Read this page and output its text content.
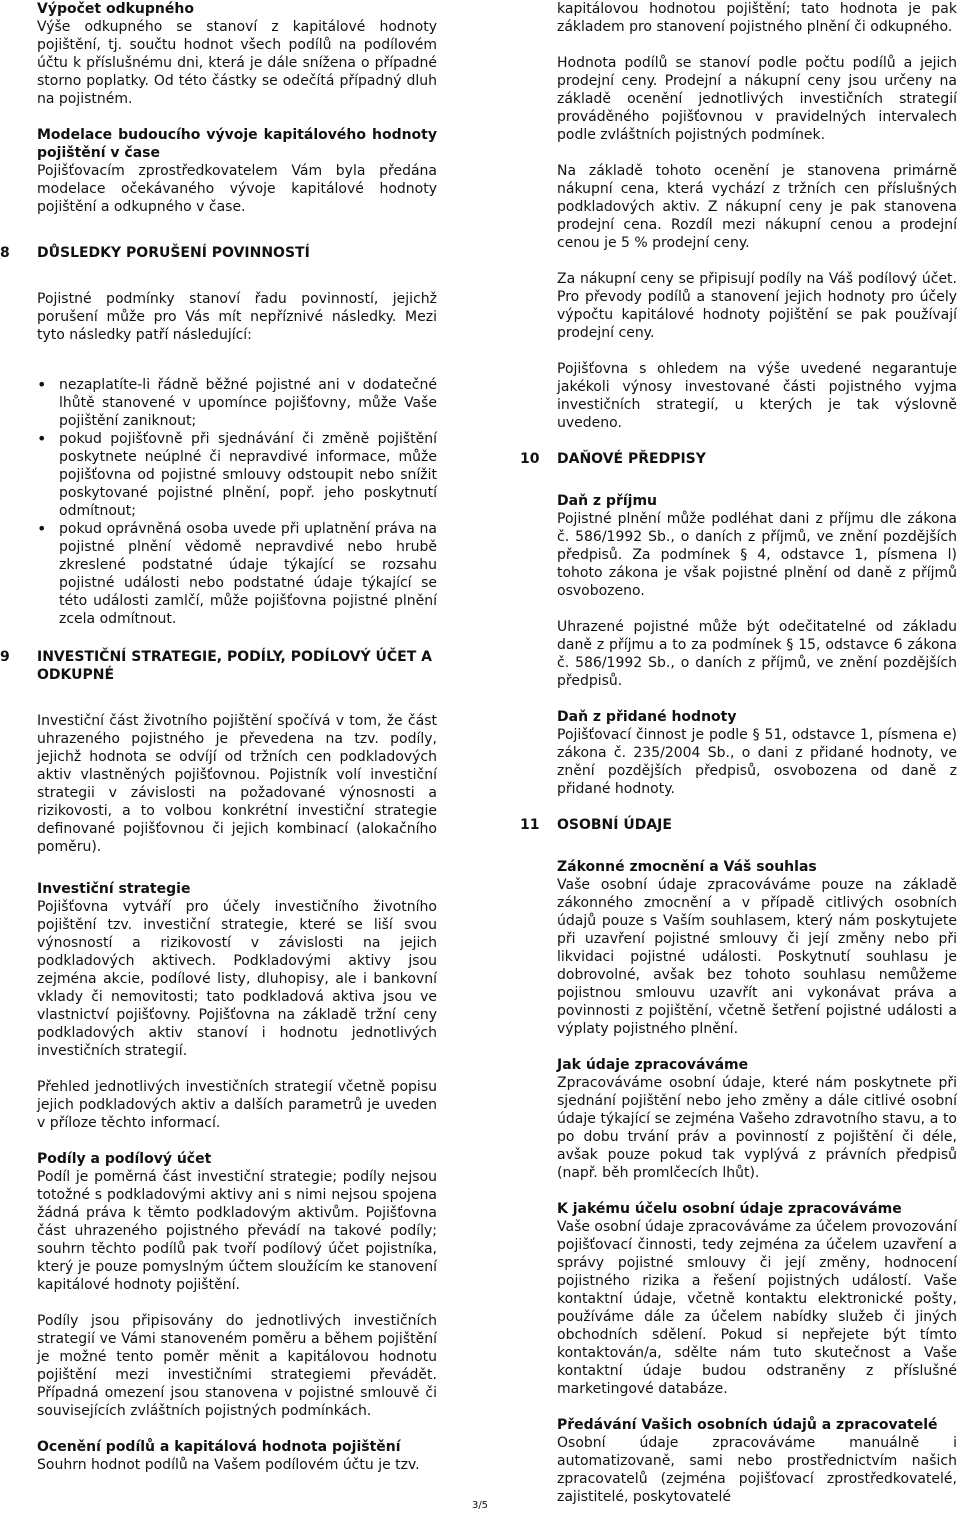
Výpočet odkupného

Výše odkupného se stanoví z kapitálové hodnoty pojištění, tj. součtu hodnot všech podílů na podílovém účtu k příslušnému dni, která je dále snížena o případné storno poplatky. Od této částky se odečítá případný dluh na pojistném.

Modelace budoucího vývoje kapitálového hodnoty pojištění v čase

Pojišťovacím zprostředkovatelem Vám byla předána modelace očekávaného vývoje kapitálové hodnoty pojištění a odkupného v čase.

8	DŮSLEDKY PORUŠENÍ POVINNOSTÍ

Pojistné podmínky stanoví řadu povinností, jejichž porušení může pro Vás mít nepříznivé následky. Mezi tyto následky patří následující:

• nezaplatíte-li řádně běžné pojistné ani v dodatečné lhůtě stanovené v upomínce pojišťovny, může Vaše pojištění zaniknout;
• pokud pojišťovně při sjednávání či změně pojištění poskytnete neúplné či nepravdivé informace, může pojišťovna od pojistné smlouvy odstoupit nebo snížit poskytované pojistné plnění, popř. jeho poskytnutí odmítnout;
• pokud oprávněná osoba uvede při uplatnění práva na pojistné plnění vědomě nepravdivé nebo hrubě zkreslené podstatné údaje týkající se rozsahu pojistné události nebo podstatné údaje týkající se této události zamlčí, může pojišťovna pojistné plnění zcela odmítnout.
9	INVESTIČNÍ STRATEGIE, PODÍLY, PODÍLOVÝ ÚČET A ODKUPNÉ

Investiční část životního pojištění spočívá v tom, že část uhrazeného pojistného je převedena na tzv. podíly, jejichž hodnota se odvíjí od tržních cen podkladových aktiv vlastněných pojišťovnou. Pojistník volí investiční strategii v závislosti na požadované výnosnosti a rizikovosti, a to volbou konkrétní investiční strategie definované pojišťovnou či jejich kombinací (alokačního poměru).

Investiční strategie

Pojišťovna vytváří pro účely investičního životního pojištění tzv. investiční strategie, které se liší svou výnosností a rizikovostí v závislosti na jejich podkladových aktivech. Podkladovými aktivy jsou zejména akcie, podílové listy, dluhopisy, ale i bankovní vklady či nemovitosti; tato podkladová aktiva jsou ve vlastnictví pojišťovny. Pojišťovna na základě tržní ceny podkladových aktiv stanoví i hodnotu jednotlivých investičních strategií.

Přehled jednotlivých investičních strategií včetně popisu jejich podkladových aktiv a dalších parametrů je uveden v příloze těchto informací.

Podíly a podílový účet

Podíl je poměrná část investiční strategie; podíly nejsou totožné s podkladovými aktivy ani s nimi nejsou spojena žádná práva k těmto podkladovým aktivům. Pojišťovna část uhrazeného pojistného převádí na takové podíly; souhrn těchto podílů pak tvoří podílový účet pojistníka, který je pouze pomyslným účtem sloužícím ke stanovení kapitálové hodnoty pojištění.

Podíly jsou připisovány do jednotlivých investičních strategií ve Vámi stanoveném poměru a během pojištění je možné tento poměr měnit a kapitálovou hodnotu pojištění mezi investičními strategiemi převádět. Případná omezení jsou stanovena v pojistné smlouvě či souvisejících zvláštních pojistných podmínkách.

Ocenění podílů a kapitálová hodnota pojištění

Souhrn hodnot podílů na Vašem podílovém účtu je tzv.

kapitálovou hodnotou pojištění; tato hodnota je pak základem pro stanovení pojistného plnění či odkupného.

Hodnota podílů se stanoví podle počtu podílů a jejich prodejní ceny. Prodejní a nákupní ceny jsou určeny na základě ocenění jednotlivých investičních strategií prováděného pojišťovnou v pravidelných intervalech podle zvláštních pojistných podmínek.

Na základě tohoto ocenění je stanovena primárně nákupní cena, která vychází z tržních cen příslušných podkladových aktiv. Z nákupní ceny je pak stanovena prodejní cena. Rozdíl mezi nákupní cenou a prodejní cenou je 5 % prodejní ceny.

Za nákupní ceny se připisují podíly na Váš podílový účet. Pro převody podílů a stanovení jejich hodnoty pro účely výpočtu kapitálové hodnoty pojištění se pak používají prodejní ceny.

Pojišťovna s ohledem na výše uvedené negarantuje jakékoli výnosy investované části pojistného vyjma investičních strategií, u kterých je tak výslovně uvedeno.

10 DAŇOVÉ PŘEDPISY

Daň z příjmu

Pojistné plnění může podléhat dani z příjmu dle zákona č. 586/1992 Sb., o daních z příjmů, ve znění pozdějších předpisů. Za podmínek § 4, odstavce 1, písmena l) tohoto zákona je však pojistné plnění od daně z příjmů osvobozeno.

Uhrazené pojistné může být odečitatelné od základu daně z příjmu a to za podmínek § 15, odstavce 6 zákona č. 586/1992 Sb., o daních z příjmů, ve znění pozdějších předpisů.

Daň z přidané hodnoty

Pojišťovací činnost je podle § 51, odstavce 1, písmena e) zákona č. 235/2004 Sb., o dani z přidané hodnoty, ve znění pozdějších předpisů, osvobozena od daně z přidané hodnoty.

11 OSOBNÍ ÚDAJE

Zákonné zmocnění a Váš souhlas

Vaše osobní údaje zpracováváme pouze na základě zákonného zmocnění a v případě citlivých osobních údajů pouze s Vaším souhlasem, který nám poskytujete při uzavření pojistné smlouvy či její změny nebo při likvidaci pojistné události. Poskytnutí souhlasu je dobrovolné, avšak bez tohoto souhlasu nemůžeme pojistnou smlouvu uzavřít ani vykonávat práva a povinnosti z pojištění, včetně šetření pojistné události a výplaty pojistného plnění.

Jak údaje zpracováváme

Zpracováváme osobní údaje, které nám poskytnete při sjednání pojištění nebo jeho změny a dále citlivé osobní údaje týkající se zejména Vašeho zdravotního stavu, a to po dobu trvání práv a povinností z pojištění či déle, avšak pouze pokud tak vyplývá z právních předpisů (např. běh promlčecích lhůt).

K jakému účelu osobní údaje zpracováváme

Vaše osobní údaje zpracováváme za účelem provozování pojišťovací činnosti, tedy zejména za účelem uzavření a správy pojistné smlouvy či její změny, hodnocení pojistného rizika a řešení pojistných událostí. Vaše kontaktní údaje, včetně kontaktu elektronické pošty, používáme dále za účelem nabídky služeb či jiných obchodních sdělení. Pokud si nepřejete být tímto kontaktován/a, sdělte nám tuto skutečnost a Vaše kontaktní údaje budou odstraněny z příslušné marketingové databáze.

Předávání Vašich osobních údajů a zpracovatelé

Osobní údaje zpracováváme manuálně i automatizovaně, sami nebo prostřednictvím našich zpracovatelů (zejména pojišťovací zprostředkovatelé, zajistitelé, poskytovatelé

3/5
